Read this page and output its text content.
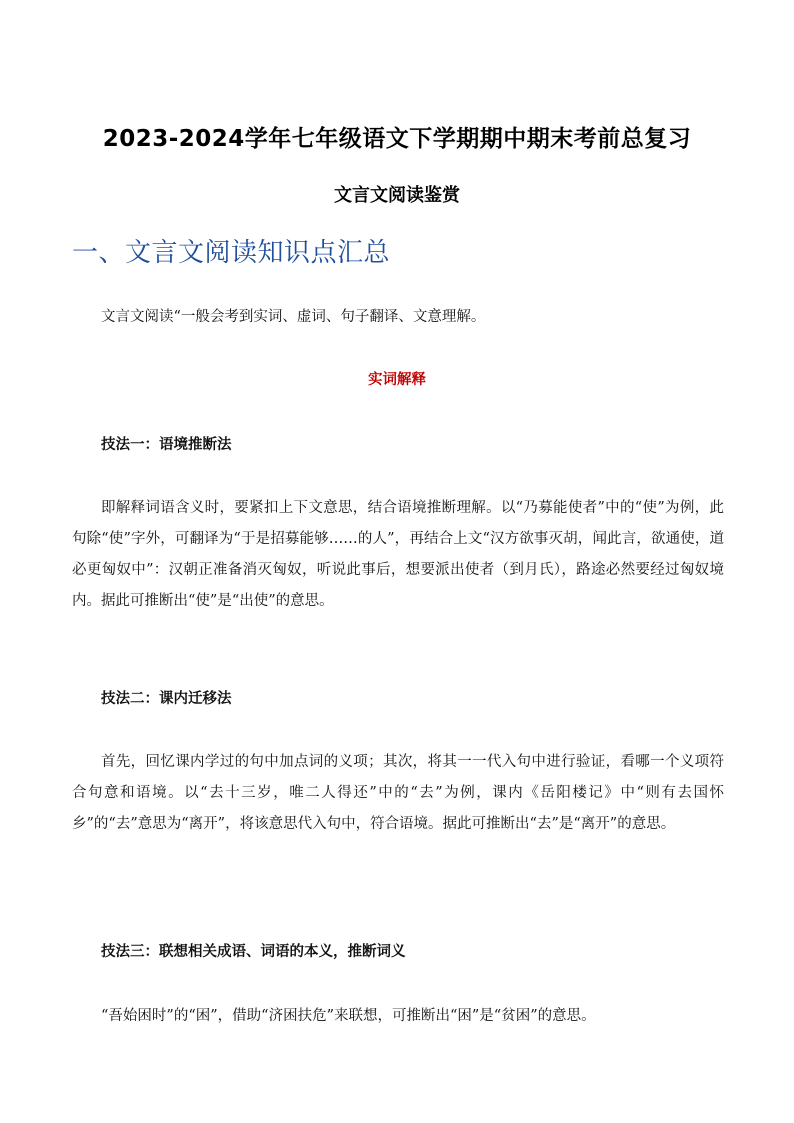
2023-2024学年七年级语文下学期期中期末考前总复习
文言文阅读鉴赏
一、文言文阅读知识点汇总
文言文阅读“一般会考到实词、虚词、句子翻译、文意理解。
实词解释
技法一：语境推断法
即解释词语含义时，要紧扣上下文意思，结合语境推断理解。以“乃募能使者”中的“使”为例，此句除“使”字外，可翻译为“于是招募能够……的人”，再结合上文“汉方欲事灭胡，闻此言，欲通使，道必更匈奴中”：汉朝正准备消灭匈奴，听说此事后，想要派出使者（到月氏），路途必然要经过匈奴境内。据此可推断出“使”是“出使”的意思。
技法二：课内迁移法
首先，回忆课内学过的句中加点词的义项；其次，将其一一代入句中进行验证，看哪一个义项符合句意和语境。以“去十三岁，唯二人得还”中的“去”为例，课内《岳阳楼记》中“则有去国怀乡”的“去”意思为“离开”，将该意思代入句中，符合语境。据此可推断出“去”是“离开”的意思。
技法三：联想相关成语、词语的本义，推断词义
“吾始困时”的“困”，借助“济困扶危”来联想，可推断出“困”是“贫困”的意思。
